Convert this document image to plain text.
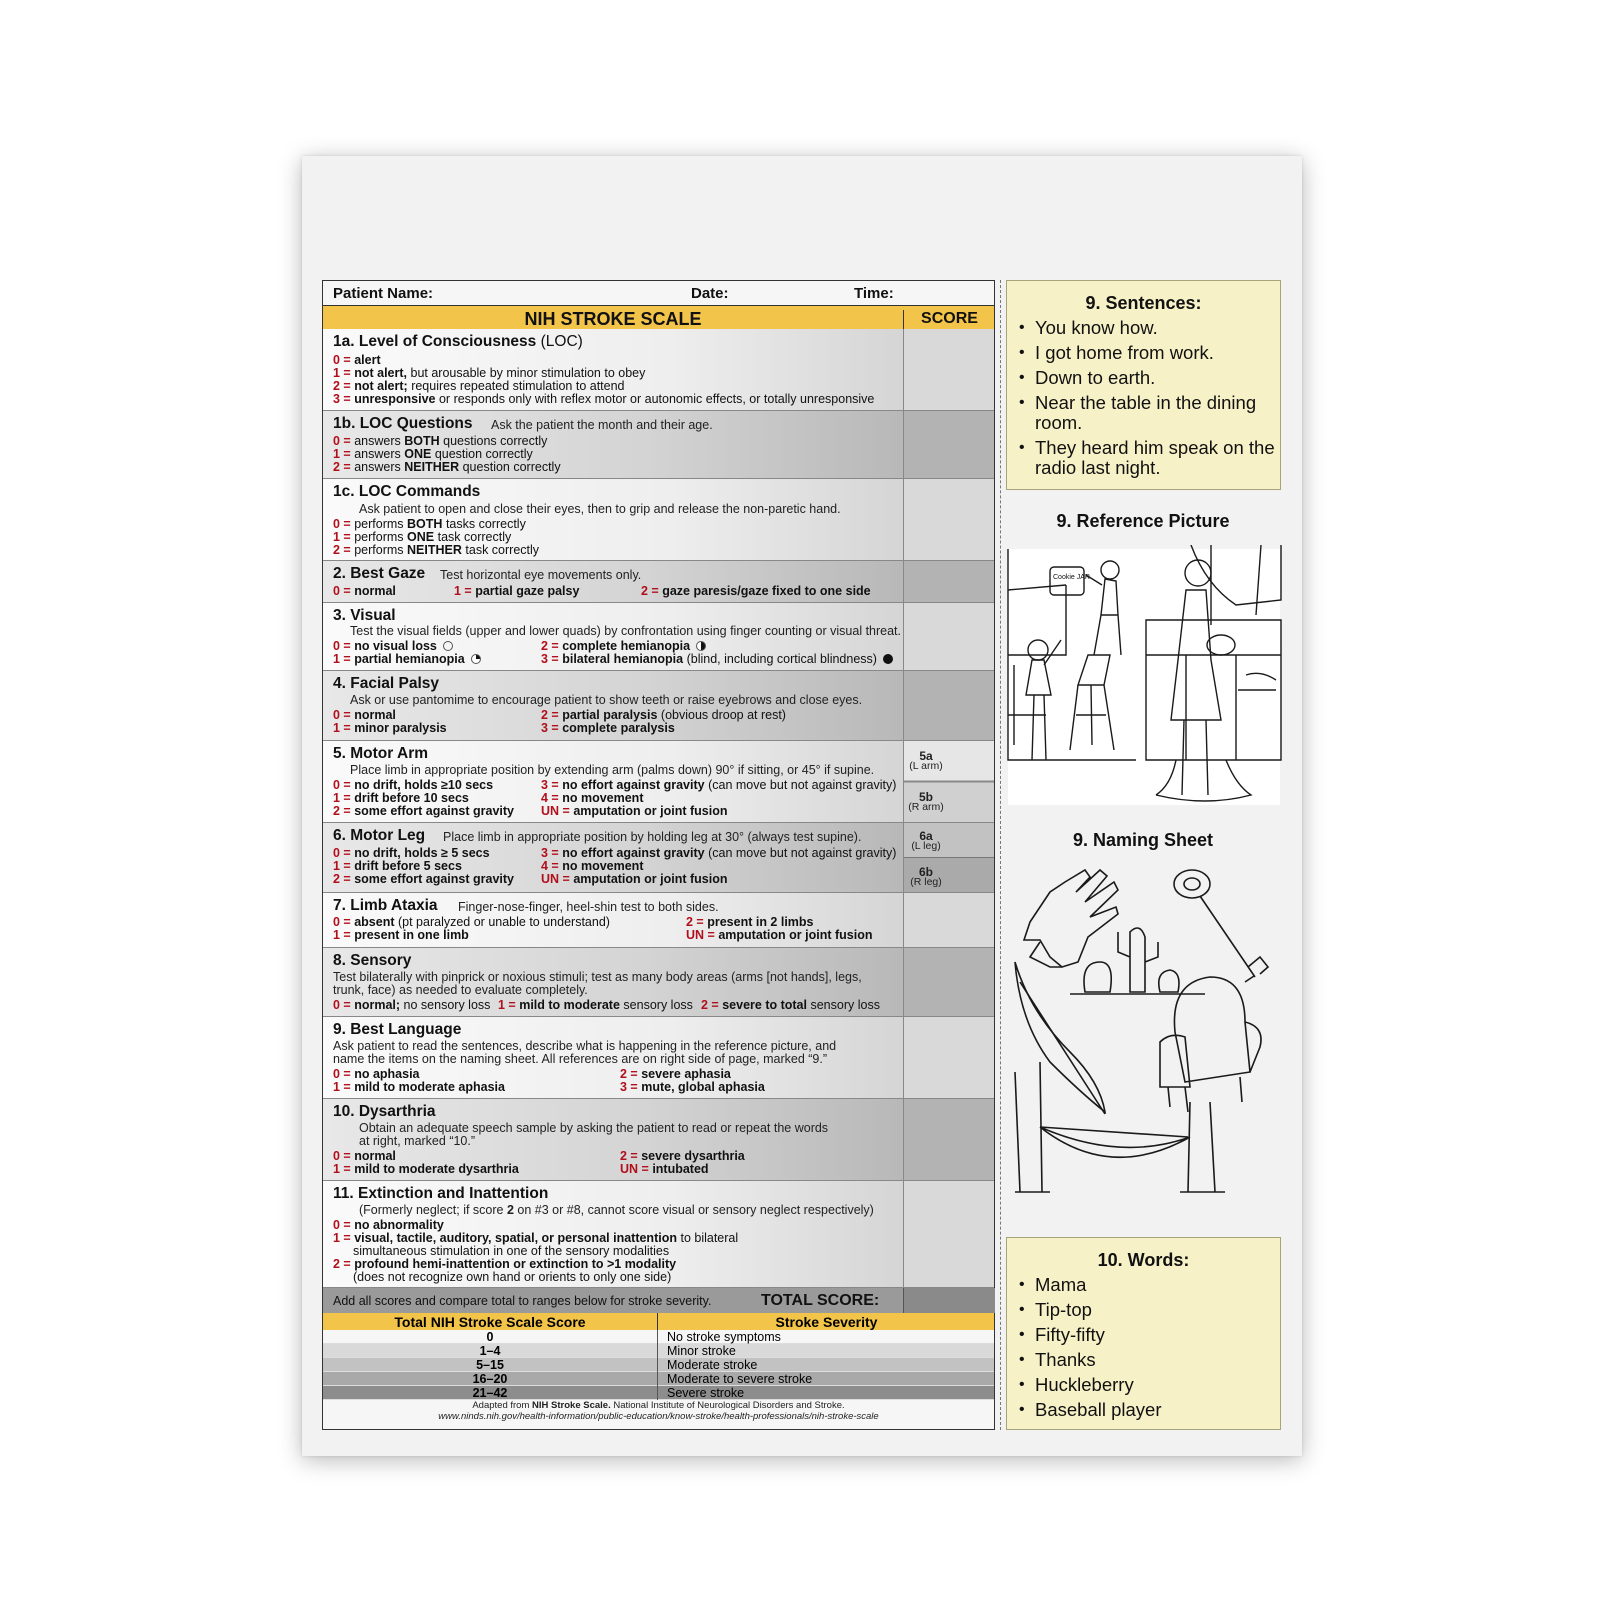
Patient Name:	Date:	Time:
NIH STROKE SCALE	SCORE
1a. Level of Consciousness (LOC)
0 = alert
1 = not alert, but arousable by minor stimulation to obey
2 = not alert; requires repeated stimulation to attend
3 = unresponsive or responds only with reflex motor or autonomic effects, or totally unresponsive
1b. LOC Questions Ask the patient the month and their age.
0 = answers BOTH questions correctly
1 = answers ONE question correctly
2 = answers NEITHER question correctly
1c. LOC Commands
Ask patient to open and close their eyes, then to grip and release the non-paretic hand.
0 = performs BOTH tasks correctly
1 = performs ONE task correctly
2 = performs NEITHER task correctly
2. Best Gaze Test horizontal eye movements only.
0 = normal	1 = partial gaze palsy	2 = gaze paresis/gaze fixed to one side
3. Visual
Test the visual fields (upper and lower quads) by confrontation using finger counting or visual threat.
0 = no visual loss
1 = partial hemianopia
2 = complete hemianopia
3 = bilateral hemianopia (blind, including cortical blindness)
4. Facial Palsy
Ask or use pantomime to encourage patient to show teeth or raise eyebrows and close eyes.
0 = normal
1 = minor paralysis
2 = partial paralysis (obvious droop at rest)
3 = complete paralysis
5. Motor Arm
Place limb in appropriate position by extending arm (palms down) 90° if sitting, or 45° if supine.
0 = no drift, holds ≥10 secs
1 = drift before 10 secs
2 = some effort against gravity
3 = no effort against gravity (can move but not against gravity)
4 = no movement
UN = amputation or joint fusion
5a
(L arm)
5b
(R arm)
6. Motor Leg Place limb in appropriate position by holding leg at 30° (always test supine).
0 = no drift, holds ≥ 5 secs
1 = drift before 5 secs
2 = some effort against gravity
3 = no effort against gravity (can move but not against gravity)
4 = no movement
UN = amputation or joint fusion
6a
(L leg)
6b
(R leg)
7. Limb Ataxia Finger-nose-finger, heel-shin test to both sides.
0 = absent (pt paralyzed or unable to understand)
1 = present in one limb
2 = present in 2 limbs
UN = amputation or joint fusion
8. Sensory
Test bilaterally with pinprick or noxious stimuli; test as many body areas (arms [not hands], legs,
trunk, face) as needed to evaluate completely.
0 = normal; no sensory loss 1 = mild to moderate sensory loss 2 = severe to total sensory loss
9. Best Language
Ask patient to read the sentences, describe what is happening in the reference picture, and
name the items on the naming sheet. All references are on right side of page, marked “9.”
0 = no aphasia
1 = mild to moderate aphasia
2 = severe aphasia
3 = mute, global aphasia
10. Dysarthria
Obtain an adequate speech sample by asking the patient to read or repeat the words
at right, marked “10.”
0 = normal
1 = mild to moderate dysarthria
2 = severe dysarthria
UN = intubated
11. Extinction and Inattention
(Formerly neglect; if score 2 on #3 or #8, cannot score visual or sensory neglect respectively)
0 = no abnormality
1 = visual, tactile, auditory, spatial, or personal inattention to bilateral
simultaneous stimulation in one of the sensory modalities
2 = profound hemi-inattention or extinction to >1 modality
(does not recognize own hand or orients to only one side)
Add all scores and compare total to ranges below for stroke severity.	TOTAL SCORE:
Total NIH Stroke Scale Score	Stroke Severity
0	No stroke symptoms
1–4	Minor stroke
5–15	Moderate stroke
16–20	Moderate to severe stroke
21–42	Severe stroke
Adapted from NIH Stroke Scale. National Institute of Neurological Disorders and Stroke.
www.ninds.nih.gov/health-information/public-education/know-stroke/health-professionals/nih-stroke-scale
9. Sentences:
• You know how.
• I got home from work.
• Down to earth.
• Near the table in the dining room.
• They heard him speak on the radio last night.
9. Reference Picture
Cookie JAR
9. Naming Sheet
10. Words:
• Mama
• Tip-top
• Fifty-fifty
• Thanks
• Huckleberry
• Baseball player
